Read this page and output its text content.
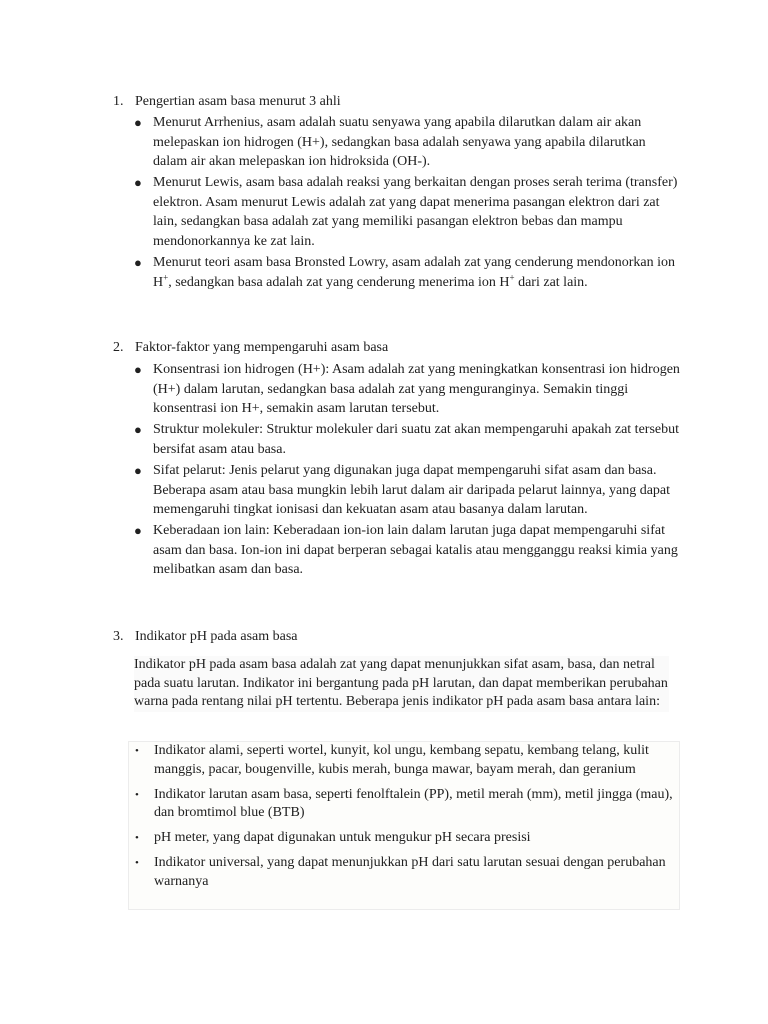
1. Pengertian asam basa menurut 3 ahli
● Menurut Arrhenius, asam adalah suatu senyawa yang apabila dilarutkan dalam air akan melepaskan ion hidrogen (H+), sedangkan basa adalah senyawa yang apabila dilarutkan dalam air akan melepaskan ion hidroksida (OH-).
● Menurut Lewis, asam basa adalah reaksi yang berkaitan dengan proses serah terima (transfer) elektron. Asam menurut Lewis adalah zat yang dapat menerima pasangan elektron dari zat lain, sedangkan basa adalah zat yang memiliki pasangan elektron bebas dan mampu mendonorkannya ke zat lain.
● Menurut teori asam basa Bronsted Lowry, asam adalah zat yang cenderung mendonorkan ion H+, sedangkan basa adalah zat yang cenderung menerima ion H+ dari zat lain.
2. Faktor-faktor yang mempengaruhi asam basa
● Konsentrasi ion hidrogen (H+): Asam adalah zat yang meningkatkan konsentrasi ion hidrogen (H+) dalam larutan, sedangkan basa adalah zat yang menguranginya. Semakin tinggi konsentrasi ion H+, semakin asam larutan tersebut.
● Struktur molekuler: Struktur molekuler dari suatu zat akan mempengaruhi apakah zat tersebut bersifat asam atau basa.
● Sifat pelarut: Jenis pelarut yang digunakan juga dapat mempengaruhi sifat asam dan basa. Beberapa asam atau basa mungkin lebih larut dalam air daripada pelarut lainnya, yang dapat memengaruhi tingkat ionisasi dan kekuatan asam atau basanya dalam larutan.
● Keberadaan ion lain: Keberadaan ion-ion lain dalam larutan juga dapat mempengaruhi sifat asam dan basa. Ion-ion ini dapat berperan sebagai katalis atau mengganggu reaksi kimia yang melibatkan asam dan basa.
3. Indikator pH pada asam basa
Indikator pH pada asam basa adalah zat yang dapat menunjukkan sifat asam, basa, dan netral pada suatu larutan. Indikator ini bergantung pada pH larutan, dan dapat memberikan perubahan warna pada rentang nilai pH tertentu. Beberapa jenis indikator pH pada asam basa antara lain:
• Indikator alami, seperti wortel, kunyit, kol ungu, kembang sepatu, kembang telang, kulit manggis, pacar, bougenville, kubis merah, bunga mawar, bayam merah, dan geranium
• Indikator larutan asam basa, seperti fenolftalein (PP), metil merah (mm), metil jingga (mau), dan bromtimol blue (BTB)
• pH meter, yang dapat digunakan untuk mengukur pH secara presisi
• Indikator universal, yang dapat menunjukkan pH dari satu larutan sesuai dengan perubahan warnanya
